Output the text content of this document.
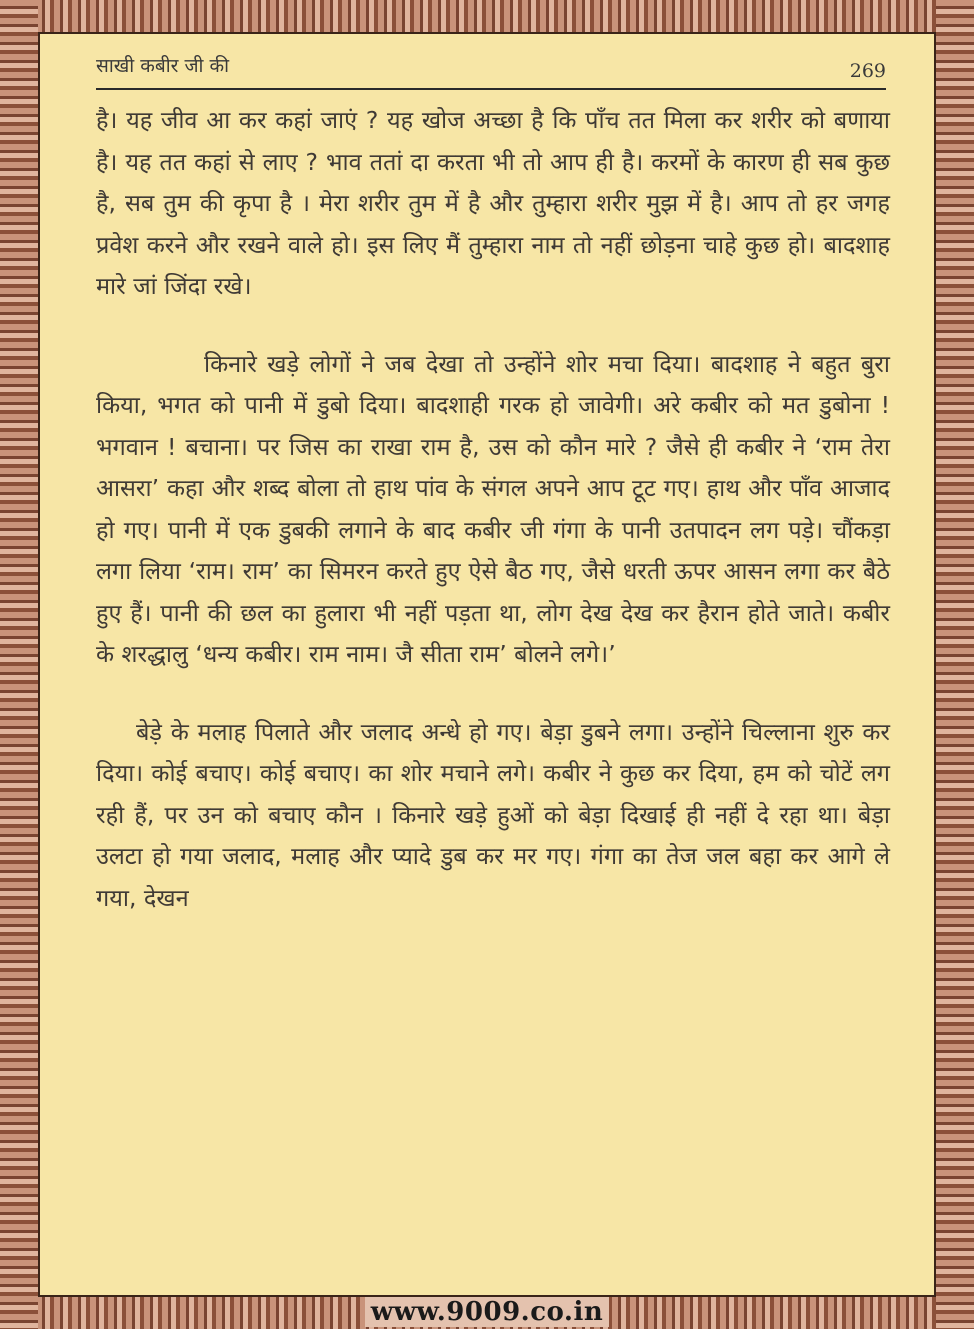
साखी कबीर जी की	269

है। यह जीव आ कर कहां जाएं ? यह खोज अच्छा है कि पाँच तत मिला कर शरीर को बणाया है। यह तत कहां से लाए ? भाव ततां दा करता भी तो आप ही है। करमों के कारण ही सब कुछ है, सब तुम की कृपा है । मेरा शरीर तुम में है और तुम्हारा शरीर मुझ में है। आप तो हर जगह प्रवेश करने और रखने वाले हो। इस लिए मैं तुम्हारा नाम तो नहीं छोड़ना चाहे कुछ हो। बादशाह मारे जां जिंदा रखे।

किनारे खड़े लोगों ने जब देखा तो उन्होंने शोर मचा दिया। बादशाह ने बहुत बुरा किया, भगत को पानी में डुबो दिया। बादशाही गरक हो जावेगी। अरे कबीर को मत डुबोना ! भगवान ! बचाना। पर जिस का राखा राम है, उस को कौन मारे ? जैसे ही कबीर ने ‘राम तेरा आसरा’ कहा और शब्द बोला तो हाथ पांव के संगल अपने आप टूट गए। हाथ और पाँव आजाद हो गए। पानी में एक डुबकी लगाने के बाद कबीर जी गंगा के पानी उतपादन लग पड़े। चौंकड़ा लगा लिया ‘राम। राम’ का सिमरन करते हुए ऐसे बैठ गए, जैसे धरती ऊपर आसन लगा कर बैठे हुए हैं। पानी की छल का हुलारा भी नहीं पड़ता था, लोग देख देख कर हैरान होते जाते। कबीर के शरद्धालु ‘धन्य कबीर। राम नाम। जै सीता राम’ बोलने लगे।’

बेड़े के मलाह पिलाते और जलाद अन्धे हो गए। बेड़ा डुबने लगा। उन्होंने चिल्लाना शुरु कर दिया। कोई बचाए। कोई बचाए। का शोर मचाने लगे। कबीर ने कुछ कर दिया, हम को चोटें लग रही हैं, पर उन को बचाए कौन । किनारे खड़े हुओं को बेड़ा दिखाई ही नहीं दे रहा था। बेड़ा उलटा हो गया जलाद, मलाह और प्यादे डुब कर मर गए। गंगा का तेज जल बहा कर आगे ले गया, देखन

www.9009.co.in
